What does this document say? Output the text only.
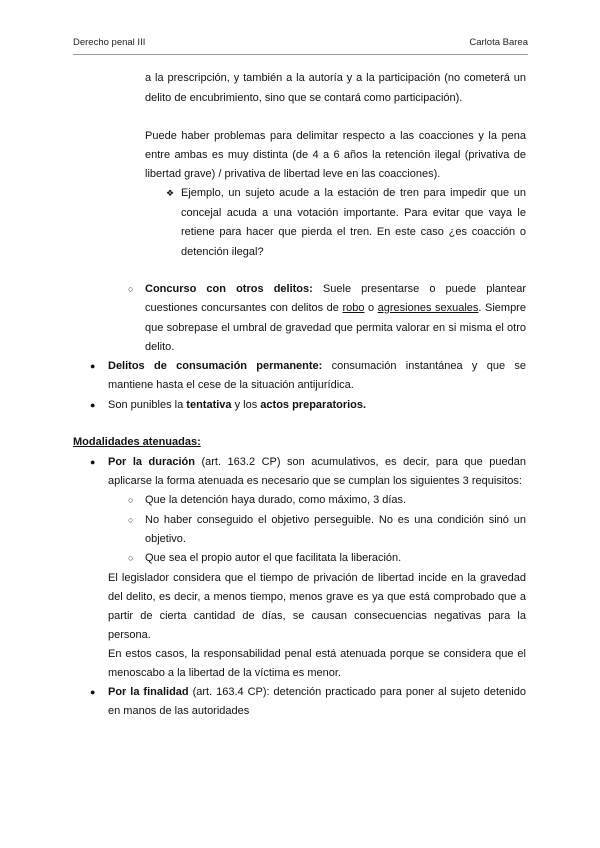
Derecho penal III	Carlota Barea
a la prescripción, y también a la autoría y a la participación (no cometerá un
delito de encubrimiento, sino que se contará como participación).
Puede haber problemas para delimitar respecto a las coacciones y la pena
entre ambas es muy distinta (de 4 a 6 años la retención ilegal (privativa de
libertad grave) / privativa de libertad leve en las coacciones).
❖ Ejemplo, un sujeto acude a la estación de tren para impedir que un
concejal acuda a una votación importante. Para evitar que vaya le
retiene para hacer que pierda el tren. En este caso ¿es coacción o
detención ilegal?
○ Concurso con otros delitos: Suele presentarse o puede plantear
cuestiones concursantes con delitos de robo o agresiones sexuales. Siempre
que sobrepase el umbral de gravedad que permita valorar en si misma el otro
delito.
● Delitos de consumación permanente: consumación instantánea y que se
mantiene hasta el cese de la situación antijurídica.
● Son punibles la tentativa y los actos preparatorios.
Modalidades atenuadas:
● Por la duración (art. 163.2 CP) son acumulativos, es decir, para que puedan
aplicarse la forma atenuada es necesario que se cumplan los siguientes 3 requisitos:
○ Que la detención haya durado, como máximo, 3 días.
○ No haber conseguido el objetivo perseguible. No es una condición sinó un
objetivo.
○ Que sea el propio autor el que facilitata la liberación.
El legislador considera que el tiempo de privación de libertad incide en la gravedad
del delito, es decir, a menos tiempo, menos grave es ya que está comprobado que a
partir de cierta cantidad de días, se causan consecuencias negativas para la
persona.
En estos casos, la responsabilidad penal está atenuada porque se considera que el
menoscabo a la libertad de la víctima es menor.
● Por la finalidad (art. 163.4 CP): detención practicado para poner al sujeto detenido
en manos de las autoridades
